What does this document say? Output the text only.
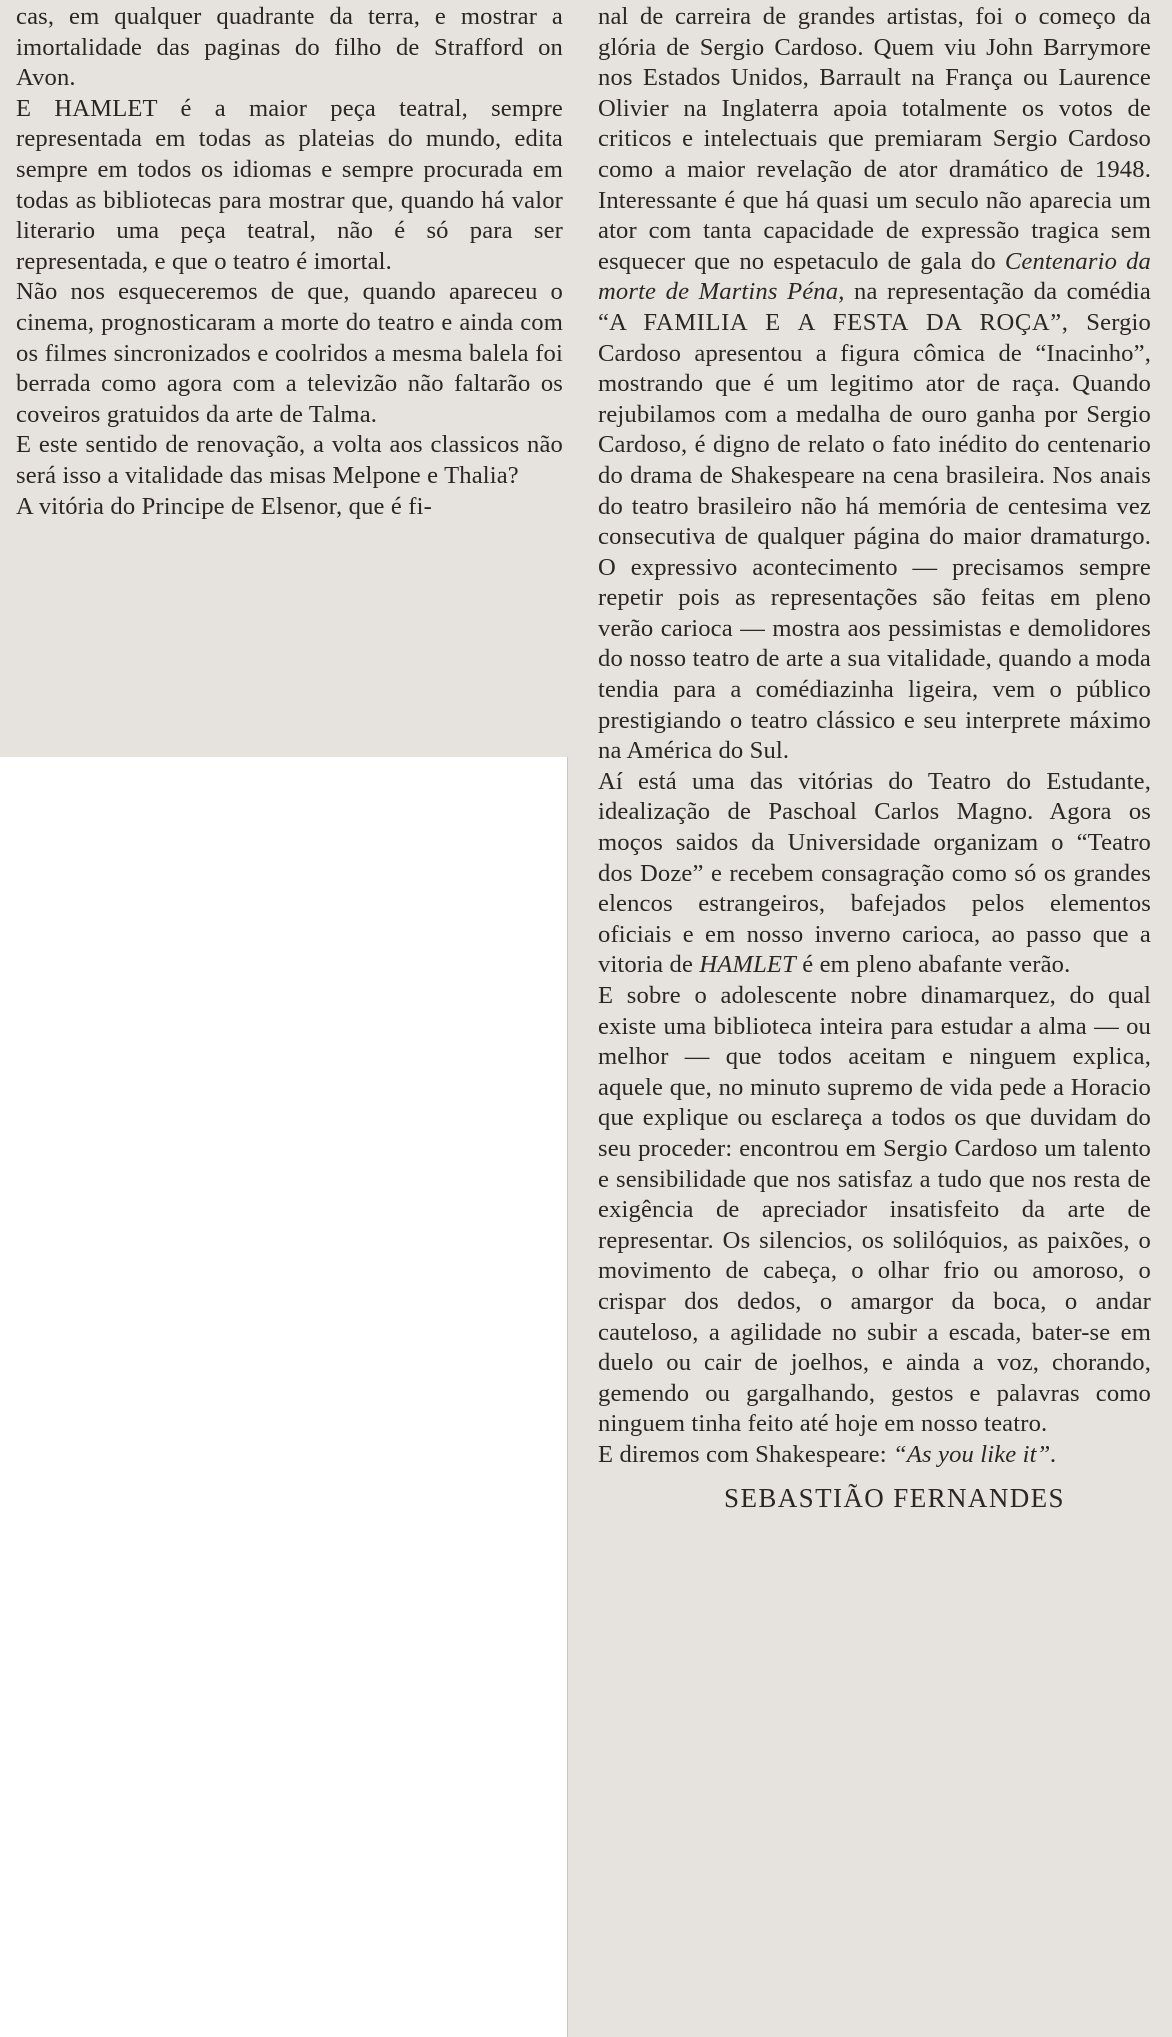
cas, em qualquer quadrante da terra, e mostrar a imortalidade das paginas do filho de Strafford on Avon.

E HAMLET é a maior peça teatral, sempre representada em todas as plateias do mundo, edita sempre em todos os idiomas e sempre procurada em todas as bibliotecas para mostrar que, quando há valor literario uma peça teatral, não é só para ser representada, e que o teatro é imortal.

Não nos esqueceremos de que, quando apareceu o cinema, prognosticaram a morte do teatro e ainda com os filmes sincronizados e coolridos a mesma balela foi berrada como agora com a televizão não faltarão os coveiros gratuidos da arte de Talma.

E este sentido de renovação, a volta aos classicos não será isso a vitalidade das misas Melpone e Thalia?

A vitória do Principe de Elsenor, que é fi-

nal de carreira de grandes artistas, foi o começo da glória de Sergio Cardoso. Quem viu John Barrymore nos Estados Unidos, Barrault na França ou Laurence Olivier na Inglaterra apoia totalmente os votos de criticos e intelectuais que premiaram Sergio Cardoso como a maior revelação de ator dramático de 1948. Interessante é que há quasi um seculo não aparecia um ator com tanta capacidade de expressão tragica sem esquecer que no espetaculo de gala do Centenario da morte de Martins Péna, na representação da comédia “A FAMILIA E A FESTA DA ROÇA”, Sergio Cardoso apresentou a figura cômica de “Inacinho”, mostrando que é um legitimo ator de raça. Quando rejubilamos com a medalha de ouro ganha por Sergio Cardoso, é digno de relato o fato inédito do centenario do drama de Shakespeare na cena brasileira. Nos anais do teatro brasileiro não há memória de centesima vez consecutiva de qualquer página do maior dramaturgo. O expressivo acontecimento — precisamos sempre repetir pois as representações são feitas em pleno verão carioca — mostra aos pessimistas e demolidores do nosso teatro de arte a sua vitalidade, quando a moda tendia para a comédiazinha ligeira, vem o público prestigiando o teatro clássico e seu interprete máximo na América do Sul.

Aí está uma das vitórias do Teatro do Estudante, idealização de Paschoal Carlos Magno. Agora os moços saidos da Universidade organizam o “Teatro dos Doze” e recebem consagração como só os grandes elencos estrangeiros, bafejados pelos elementos oficiais e em nosso inverno carioca, ao passo que a vitoria de HAMLET é em pleno abafante verão.

E sobre o adolescente nobre dinamarquez, do qual existe uma biblioteca inteira para estudar a alma — ou melhor — que todos aceitam e ninguem explica, aquele que, no minuto supremo de vida pede a Horacio que explique ou esclareça a todos os que duvidam do seu proceder: encontrou em Sergio Cardoso um talento e sensibilidade que nos satisfaz a tudo que nos resta de exigência de apreciador insatisfeito da arte de representar. Os silencios, os solilóquios, as paixões, o movimento de cabeça, o olhar frio ou amoroso, o crispar dos dedos, o amargor da boca, o andar cauteloso, a agilidade no subir a escada, bater-se em duelo ou cair de joelhos, e ainda a voz, chorando, gemendo ou gargalhando, gestos e palavras como ninguem tinha feito até hoje em nosso teatro.

E diremos com Shakespeare: “As you like it”.

SEBASTIÃO FERNANDES
